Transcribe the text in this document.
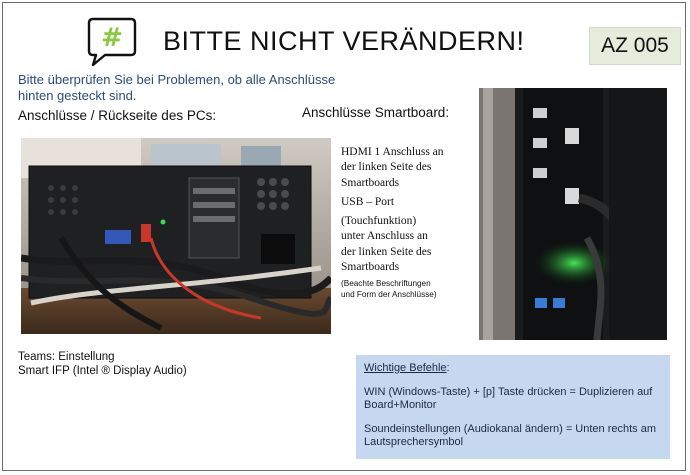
# BITTE NICHT VERÄNDERN!	AZ 005
Bitte überprüfen Sie bei Problemen, ob alle Anschlüsse
hinten gesteckt sind.
Anschlüsse / Rückseite des PCs:	Anschlüsse Smartboard:

HDMI 1 Anschluss an

der linken Seite des

Smartboards

USB – Port

(Touchfunktion)

unter Anschluss an

der linken Seite des

Smartboards

(Beachte Beschriftungen

und Form der Anschlüsse)

Teams: Einstellung
Smart IFP (Intel ® Display Audio)	Wichtige Befehle:
WIN (Windows-Taste) + [p] Taste drücken = Duplizieren auf Board+Monitor
Soundeinstellungen (Audiokanal ändern) = Unten rechts am Lautsprechersymbol
